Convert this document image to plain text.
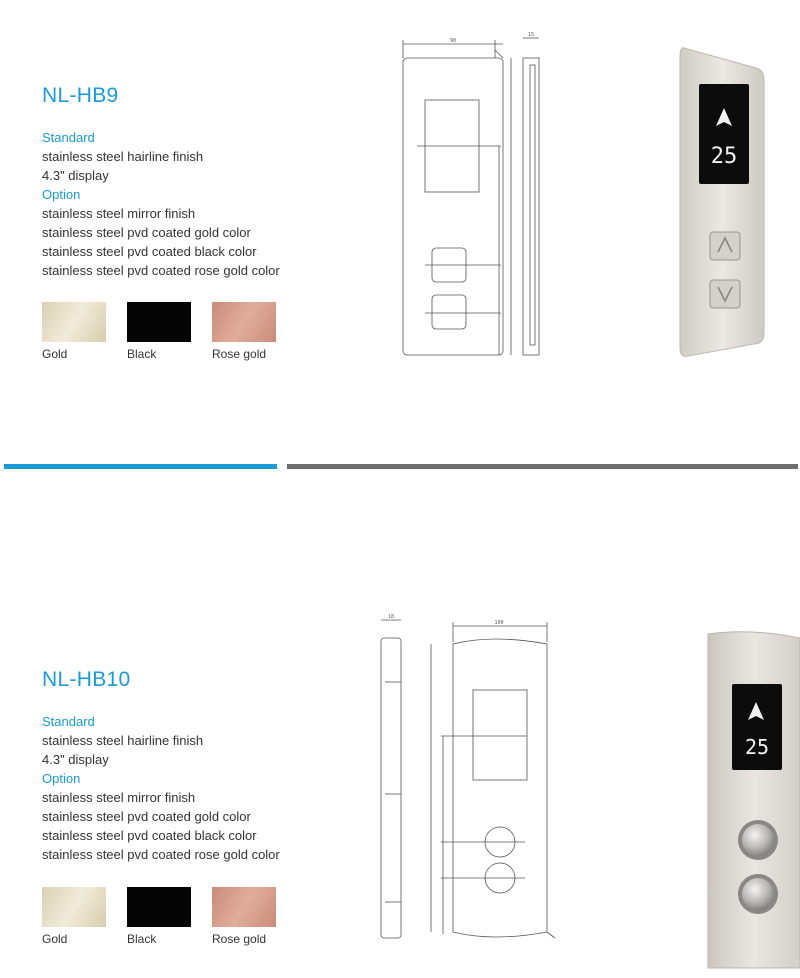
NL-HB9
Standard
stainless steel hairline finish
4.3" display
Option
stainless steel mirror finish
stainless steel pvd coated gold color
stainless steel pvd coated black color
stainless steel pvd coated rose gold color
Gold	Black	Rose gold
90
15
25
NL-HB10
Standard
stainless steel hairline finish
4.3" display
Option
stainless steel mirror finish
stainless steel pvd coated gold color
stainless steel pvd coated black color
stainless steel pvd coated rose gold color
Gold	Black	Rose gold
100
18
25
